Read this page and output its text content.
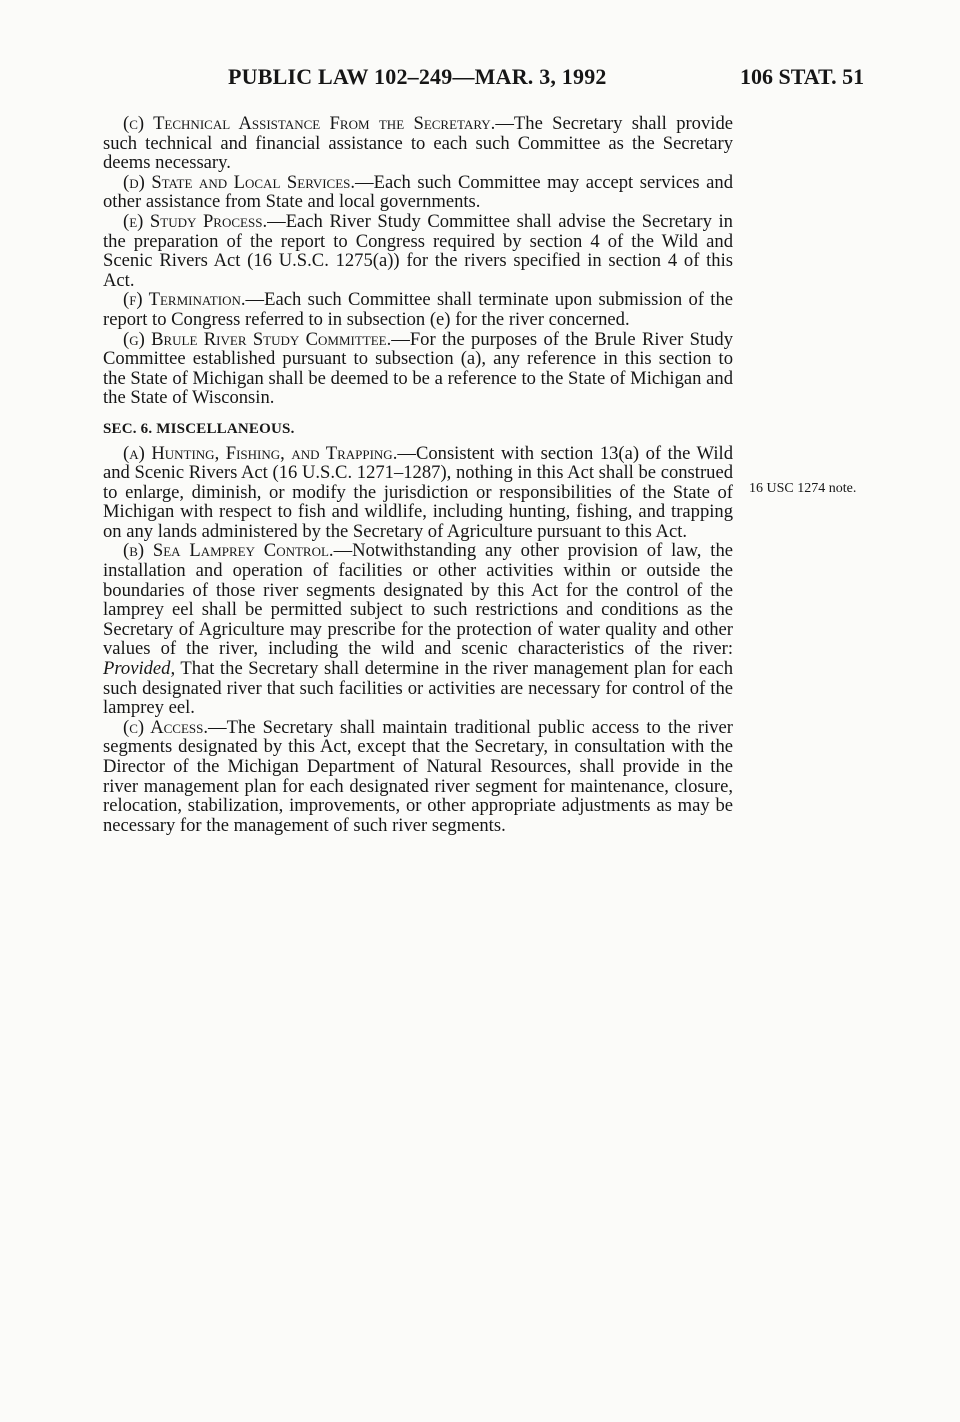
PUBLIC LAW 102–249—MAR. 3, 1992	106 STAT. 51

(c) Technical Assistance From the Secretary.—The Secretary shall provide such technical and financial assistance to each such Committee as the Secretary deems necessary.

(d) State and Local Services.—Each such Committee may accept services and other assistance from State and local governments.

(e) Study Process.—Each River Study Committee shall advise the Secretary in the preparation of the report to Congress required by section 4 of the Wild and Scenic Rivers Act (16 U.S.C. 1275(a)) for the rivers specified in section 4 of this Act.

(f) Termination.—Each such Committee shall terminate upon submission of the report to Congress referred to in subsection (e) for the river concerned.

(g) Brule River Study Committee.—For the purposes of the Brule River Study Committee established pursuant to subsection (a), any reference in this section to the State of Michigan shall be deemed to be a reference to the State of Michigan and the State of Wisconsin.

SEC. 6. MISCELLANEOUS.

(a) Hunting, Fishing, and Trapping.—Consistent with section 13(a) of the Wild and Scenic Rivers Act (16 U.S.C. 1271–1287), nothing in this Act shall be construed to enlarge, diminish, or modify the jurisdiction or responsibilities of the State of Michigan with respect to fish and wildlife, including hunting, fishing, and trapping on any lands administered by the Secretary of Agriculture pursuant to this Act.

(b) Sea Lamprey Control.—Notwithstanding any other provision of law, the installation and operation of facilities or other activities within or outside the boundaries of those river segments designated by this Act for the control of the lamprey eel shall be permitted subject to such restrictions and conditions as the Secretary of Agriculture may prescribe for the protection of water quality and other values of the river, including the wild and scenic characteristics of the river: Provided, That the Secretary shall determine in the river management plan for each such designated river that such facilities or activities are necessary for control of the lamprey eel.

(c) Access.—The Secretary shall maintain traditional public access to the river segments designated by this Act, except that the Secretary, in consultation with the Director of the Michigan Department of Natural Resources, shall provide in the river management plan for each designated river segment for maintenance, closure, relocation, stabilization, improvements, or other appropriate adjustments as may be necessary for the management of such river segments.

16 USC 1274 note.
